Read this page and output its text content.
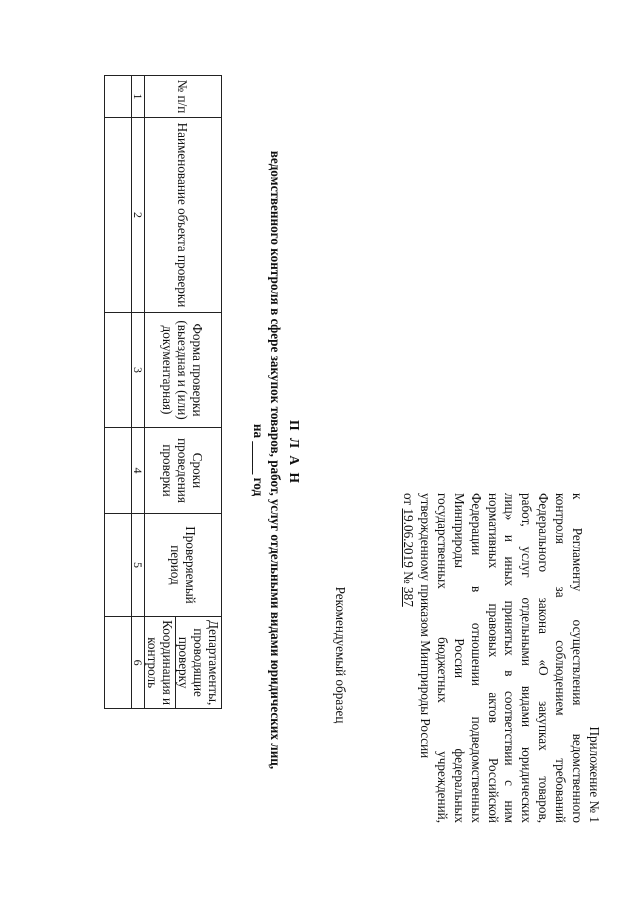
Приложение № 1
к Регламенту осуществления ведомственного
контроля за соблюдением требований
Федерального закона «О закупках товаров,
работ, услуг отдельными видами юридических
лиц» и иных принятых в соответствии с ним
нормативных правовых актов Российской
Федерации в отношении подведомственных
Минприроды России федеральных
государственных бюджетных учреждений,
утвержденному приказом Минприроды России
от 19.06.2019 № 387
Рекомендуемый образец
П Л А Н
ведомственного контроля в сфере закупок товаров, работ, услуг отдельными видами юридических лиц,
на _____ год
№ п/п	Наименование объекта проверки	Форма проверки (выездная и (или) документарная)	Сроки проведения проверки	Проверяемый период	Департаменты, проводящие проверку
					Координация и контроль
1	2	3	4	5	6
